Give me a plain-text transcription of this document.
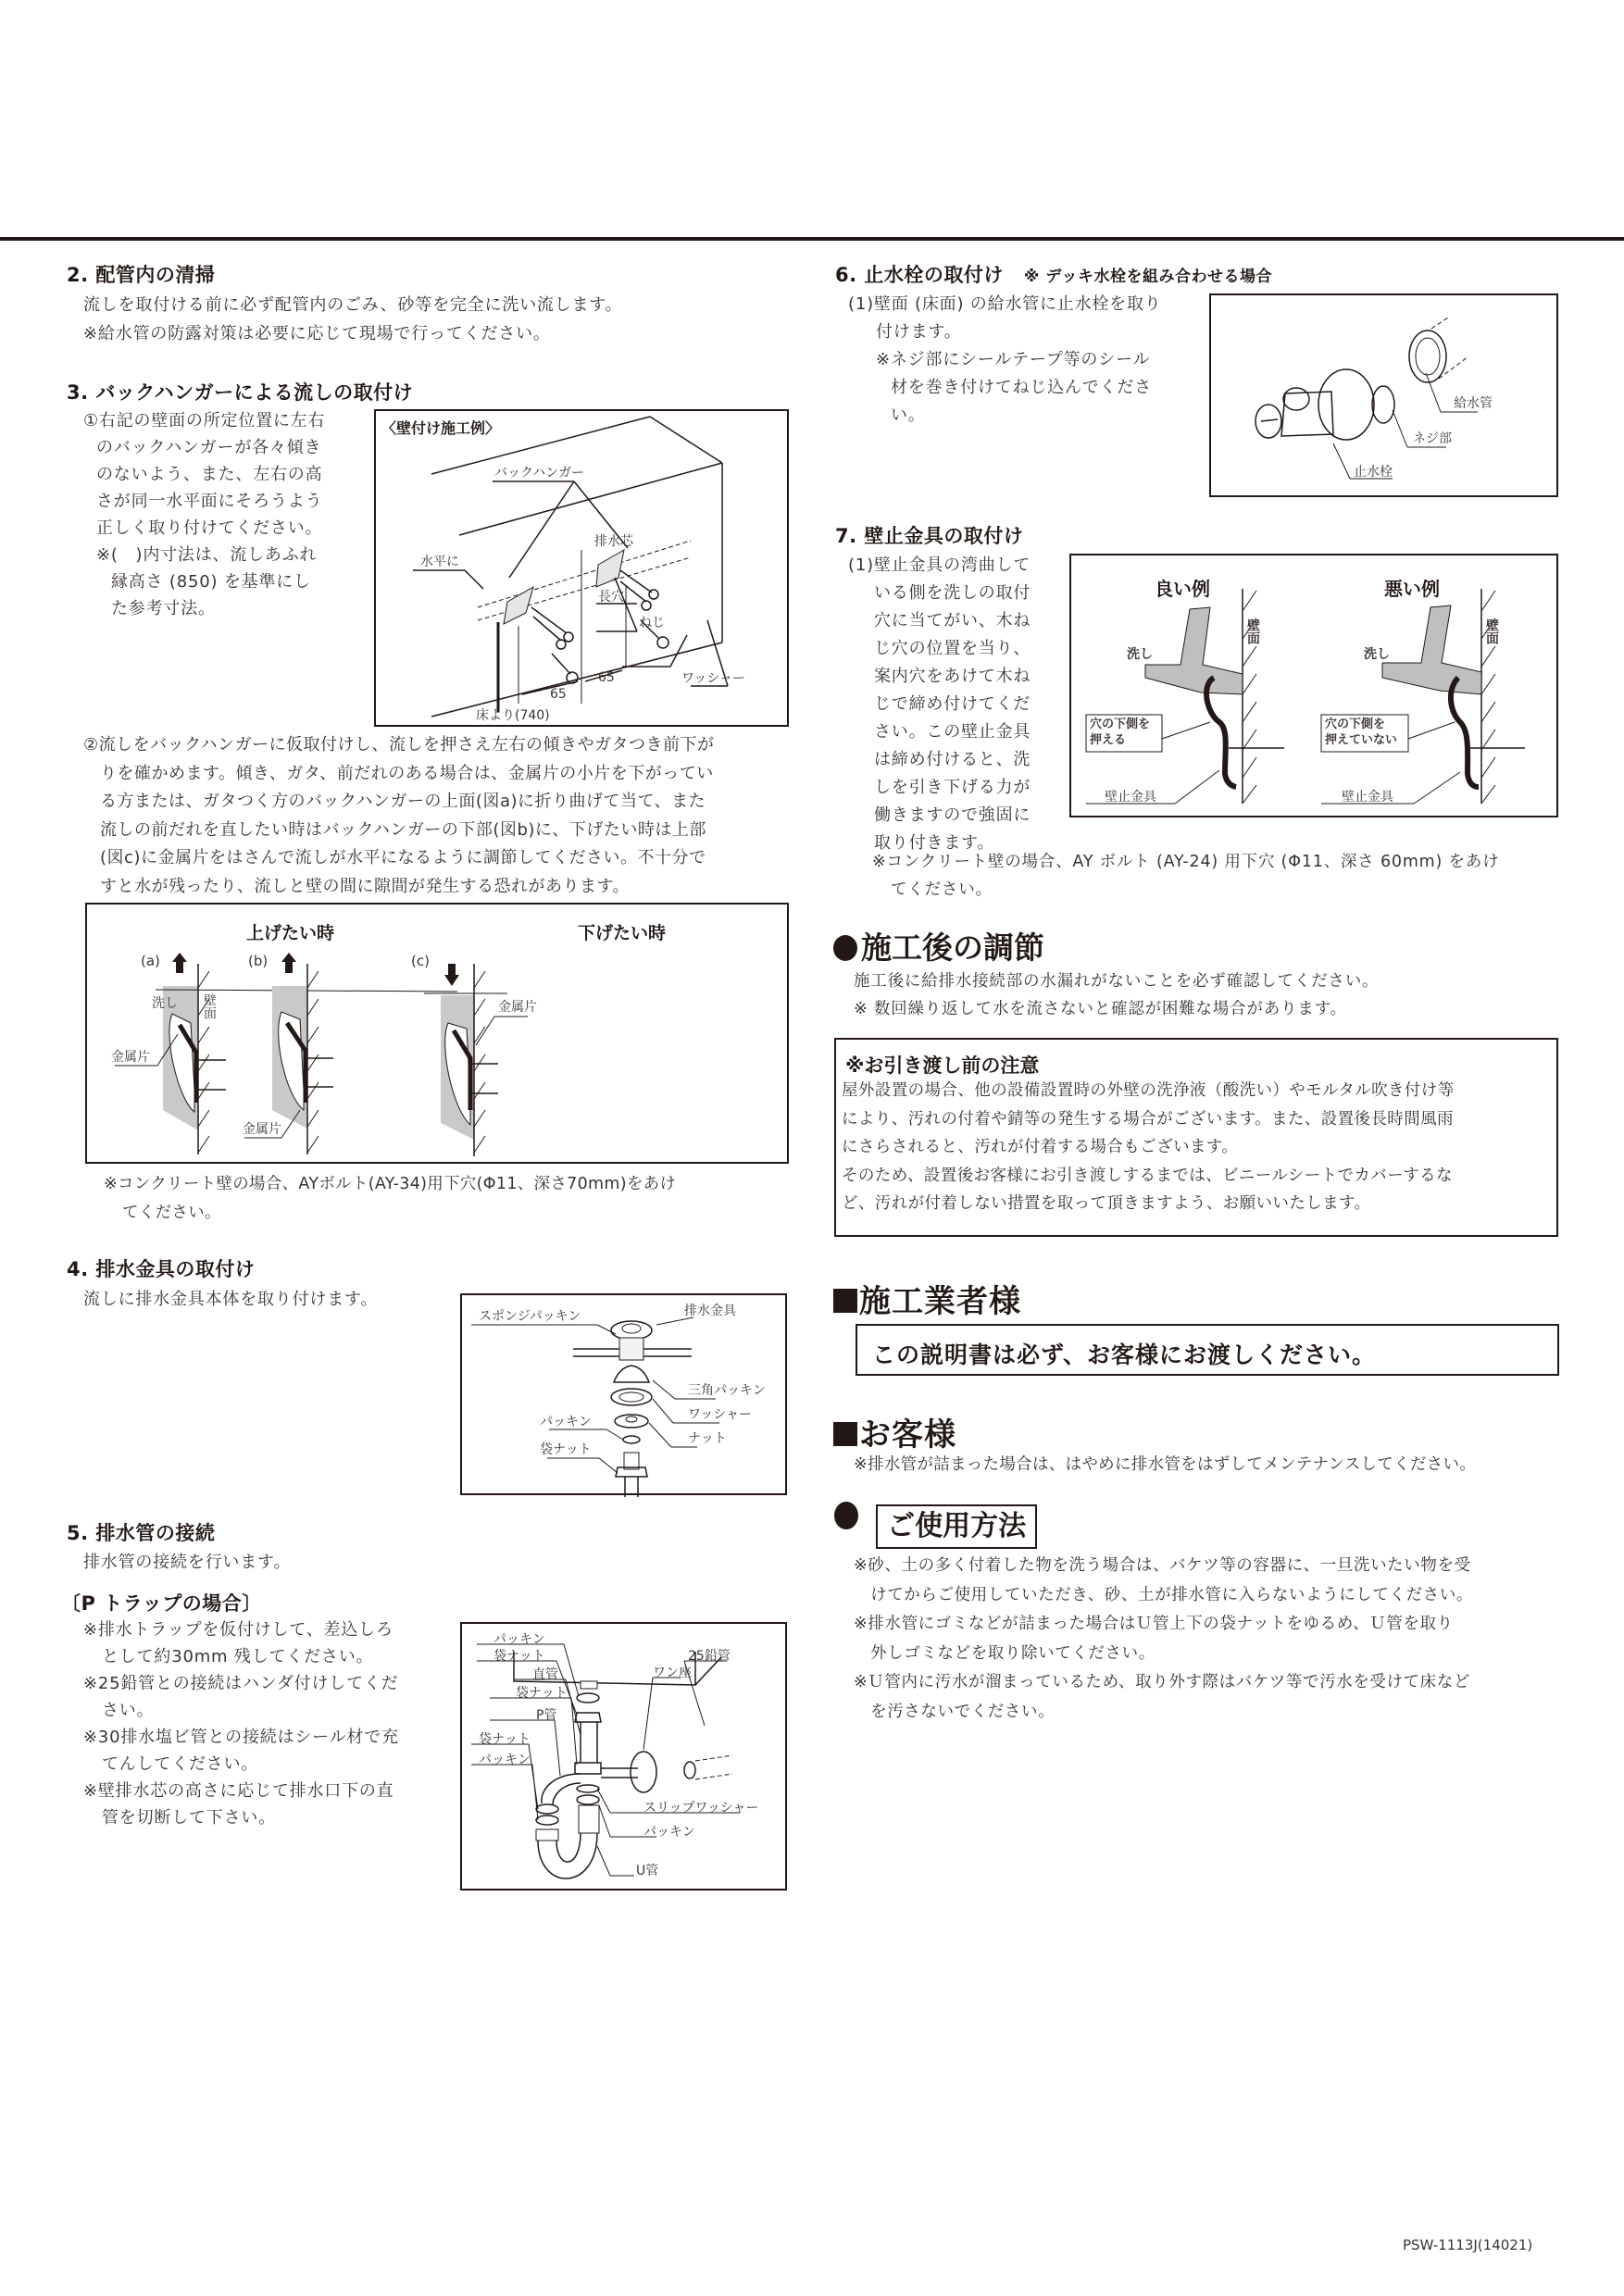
2. 配管内の清掃
流しを取付ける前に必ず配管内のごみ、砂等を完全に洗い流します。
※給水管の防露対策は必要に応じて現場で行ってください。
3. バックハンガーによる流しの取付け
①右記の壁面の所定位置に左右
のバックハンガーが各々傾き
のないよう、また、左右の高
さが同一水平面にそろうよう
正しく取り付けてください。
※(　)内寸法は、流しあふれ
縁高さ (850) を基準にし
た参考寸法。
〈壁付け施工例〉
バックハンガー
排水芯
水平に
長穴
ねじ
65
65	ワッシャー
床より(740)
②流しをバックハンガーに仮取付けし、流しを押さえ左右の傾きやガタつき前下が
りを確かめます。傾き、ガタ、前だれのある場合は、金属片の小片を下がってい
る方または、ガタつく方のバックハンガーの上面(図a)に折り曲げて当て、また
流しの前だれを直したい時はバックハンガーの下部(図b)に、下げたい時は上部
(図c)に金属片をはさんで流しが水平になるように調節してください。不十分で
すと水が残ったり、流しと壁の間に隙間が発生する恐れがあります。
上げたい時	下げたい時
(a)	(b)	(c)
洗し 壁面
金属片
金属片
金属片
※コンクリート壁の場合、AYボルト(AY-34)用下穴(Φ11、深さ70mm)をあけ
てください。
4. 排水金具の取付け
流しに排水金具本体を取り付けます。
スポンジパッキン	排水金具
三角パッキン
ワッシャー
パッキン
ナット
袋ナット
5. 排水管の接続
排水管の接続を行います。
〔P トラップの場合〕
※排水トラップを仮付けして、差込しろ
として約30mm 残してください。
※25鉛管との接続はハンダ付けしてくだ
さい。
※30排水塩ビ管との接続はシール材で充
てんしてください。
※壁排水芯の高さに応じて排水口下の直
管を切断して下さい。
パッキン
袋ナット
直管
袋ナット
P管
袋ナット
パッキン
25鉛管
ワン座
スリップワッシャー
パッキン
U管
6. 止水栓の取付け ※ デッキ水栓を組み合わせる場合
(1)壁面 (床面) の給水管に止水栓を取り
付けます。
※ネジ部にシールテープ等のシール
材を巻き付けてねじ込んでくださ
い。
給水管
ネジ部
止水栓
7. 壁止金具の取付け
(1)壁止金具の湾曲して
いる側を洗しの取付
穴に当てがい、木ね
じ穴の位置を当り、
案内穴をあけて木ね
じで締め付けてくだ
さい。この壁止金具
は締め付けると、洗
しを引き下げる力が
働きますので強固に
取り付きます。
良い例	悪い例
洗し
壁面
洗し
壁面
穴の下側を
押える
穴の下側を
押えていない
壁止金具	壁止金具
※コンクリート壁の場合、AY ボルト (AY-24) 用下穴 (Φ11、深さ 60mm) をあけ
てください。
施工後の調節
施工後に給排水接続部の水漏れがないことを必ず確認してください。
※ 数回繰り返して水を流さないと確認が困難な場合があります。
※お引き渡し前の注意
屋外設置の場合、他の設備設置時の外壁の洗浄液（酸洗い）やモルタル吹き付け等
により、汚れの付着や錆等の発生する場合がございます。また、設置後長時間風雨
にさらされると、汚れが付着する場合もございます。
そのため、設置後お客様にお引き渡しするまでは、ビニールシートでカバーするな
ど、汚れが付着しない措置を取って頂きますよう、お願いいたします。
施工業者様
この説明書は必ず、お客様にお渡しください。
お客様
※排水管が詰まった場合は、はやめに排水管をはずしてメンテナンスしてください。
ご使用方法
※砂、土の多く付着した物を洗う場合は、バケツ等の容器に、一旦洗いたい物を受
　けてからご使用していただき、砂、土が排水管に入らないようにしてください。
※排水管にゴミなどが詰まった場合はＵ管上下の袋ナットをゆるめ、Ｕ管を取り
　外しゴミなどを取り除いてください。
※Ｕ管内に汚水が溜まっているため、取り外す際はバケツ等で汚水を受けて床など
　を汚さないでください。
PSW-1113J(14021)
